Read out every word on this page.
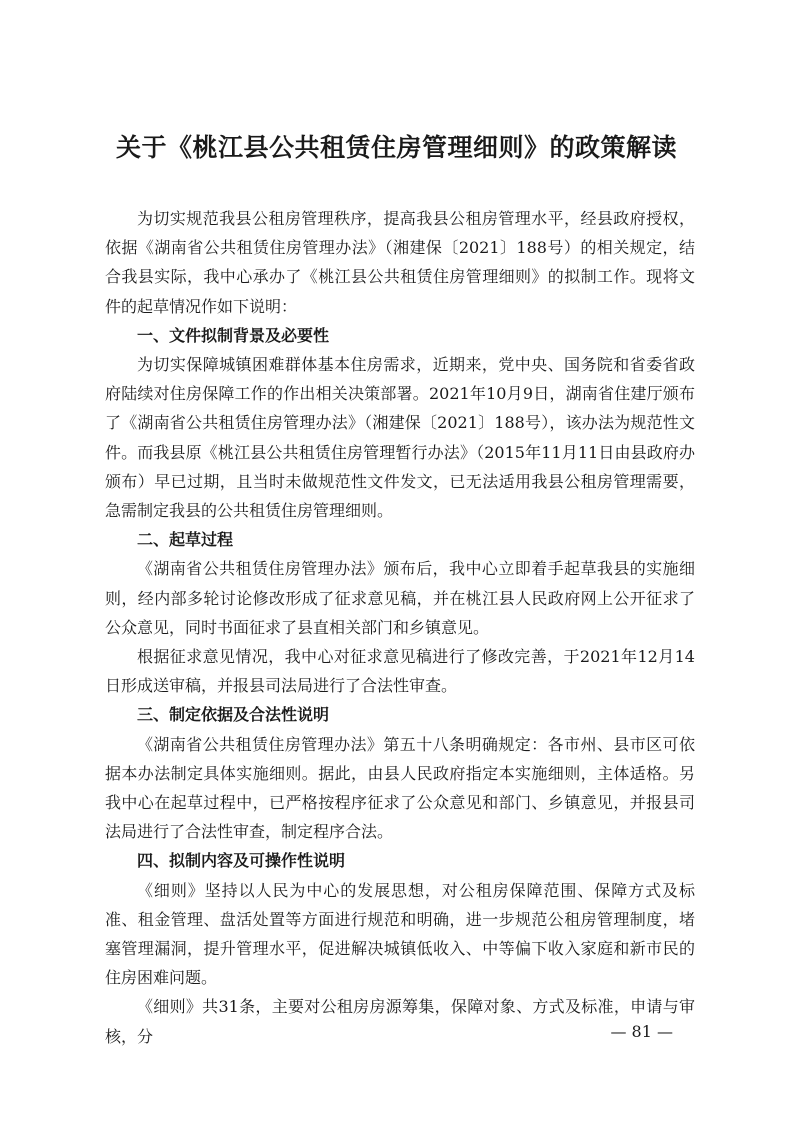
关于《桃江县公共租赁住房管理细则》的政策解读

为切实规范我县公租房管理秩序，提高我县公租房管理水平，经县政府授权，依据《湖南省公共租赁住房管理办法》（湘建保〔2021〕188号）的相关规定，结合我县实际，我中心承办了《桃江县公共租赁住房管理细则》的拟制工作。现将文件的起草情况作如下说明：

一、文件拟制背景及必要性

为切实保障城镇困难群体基本住房需求，近期来，党中央、国务院和省委省政府陆续对住房保障工作的作出相关决策部署。2021年10月9日，湖南省住建厅颁布了《湖南省公共租赁住房管理办法》（湘建保〔2021〕188号），该办法为规范性文件。而我县原《桃江县公共租赁住房管理暂行办法》（2015年11月11日由县政府办颁布）早已过期，且当时未做规范性文件发文，已无法适用我县公租房管理需要，急需制定我县的公共租赁住房管理细则。

二、起草过程

《湖南省公共租赁住房管理办法》颁布后，我中心立即着手起草我县的实施细则，经内部多轮讨论修改形成了征求意见稿，并在桃江县人民政府网上公开征求了公众意见，同时书面征求了县直相关部门和乡镇意见。

根据征求意见情况，我中心对征求意见稿进行了修改完善，于2021年12月14日形成送审稿，并报县司法局进行了合法性审查。

三、制定依据及合法性说明

《湖南省公共租赁住房管理办法》第五十八条明确规定：各市州、县市区可依据本办法制定具体实施细则。据此，由县人民政府指定本实施细则，主体适格。另我中心在起草过程中，已严格按程序征求了公众意见和部门、乡镇意见，并报县司法局进行了合法性审查，制定程序合法。

四、拟制内容及可操作性说明

《细则》坚持以人民为中心的发展思想，对公租房保障范围、保障方式及标准、租金管理、盘活处置等方面进行规范和明确，进一步规范公租房管理制度，堵塞管理漏洞，提升管理水平，促进解决城镇低收入、中等偏下收入家庭和新市民的住房困难问题。

《细则》共31条，主要对公租房房源筹集，保障对象、方式及标准，申请与审核，分	— 81 —
